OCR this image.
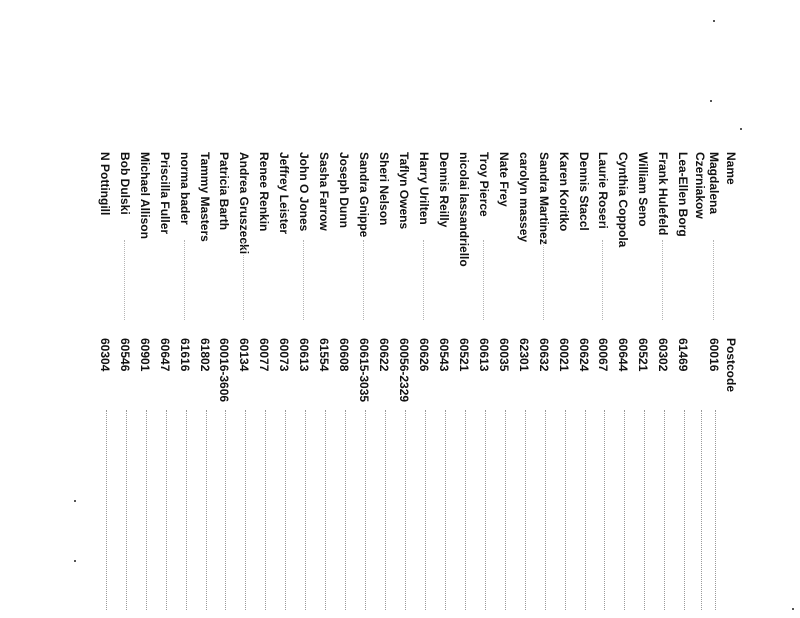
Name
Postcode
Magdalena
60016
Czerniakow
Lea-Ellen Borg
61469
Frank Hulefeld
60302
William Seno
60521
Cynthia Coppola
60644
Laurie Roseri
60067
Dennis Staccl
60624
Karen Koritko
60021
Sandra Martinez
60632
carolyn massey
62301
Nate Frey
60035
Troy Pierce
60613
nicolai lassandriello
60521
Dennis Reilly
60543
Harry Urilten
60626
Taflyn Owens
60056-2329
Sheri Nelson
60622
Sandra Gnippe
60615-3035
Joseph Dunn
60608
Sasha Farrow
61554
John O Jones
60613
Jeffrey Leister
60073
Renee Renkin
60077
Andrea Gruszecki
60134
Patricia Barth
60016-3606
Tammy Masters
61802
norma bader
61616
Priscilla Fuller
60647
Michael Allison
60901
Bob Dulski
60546
N Pottingill
60304
